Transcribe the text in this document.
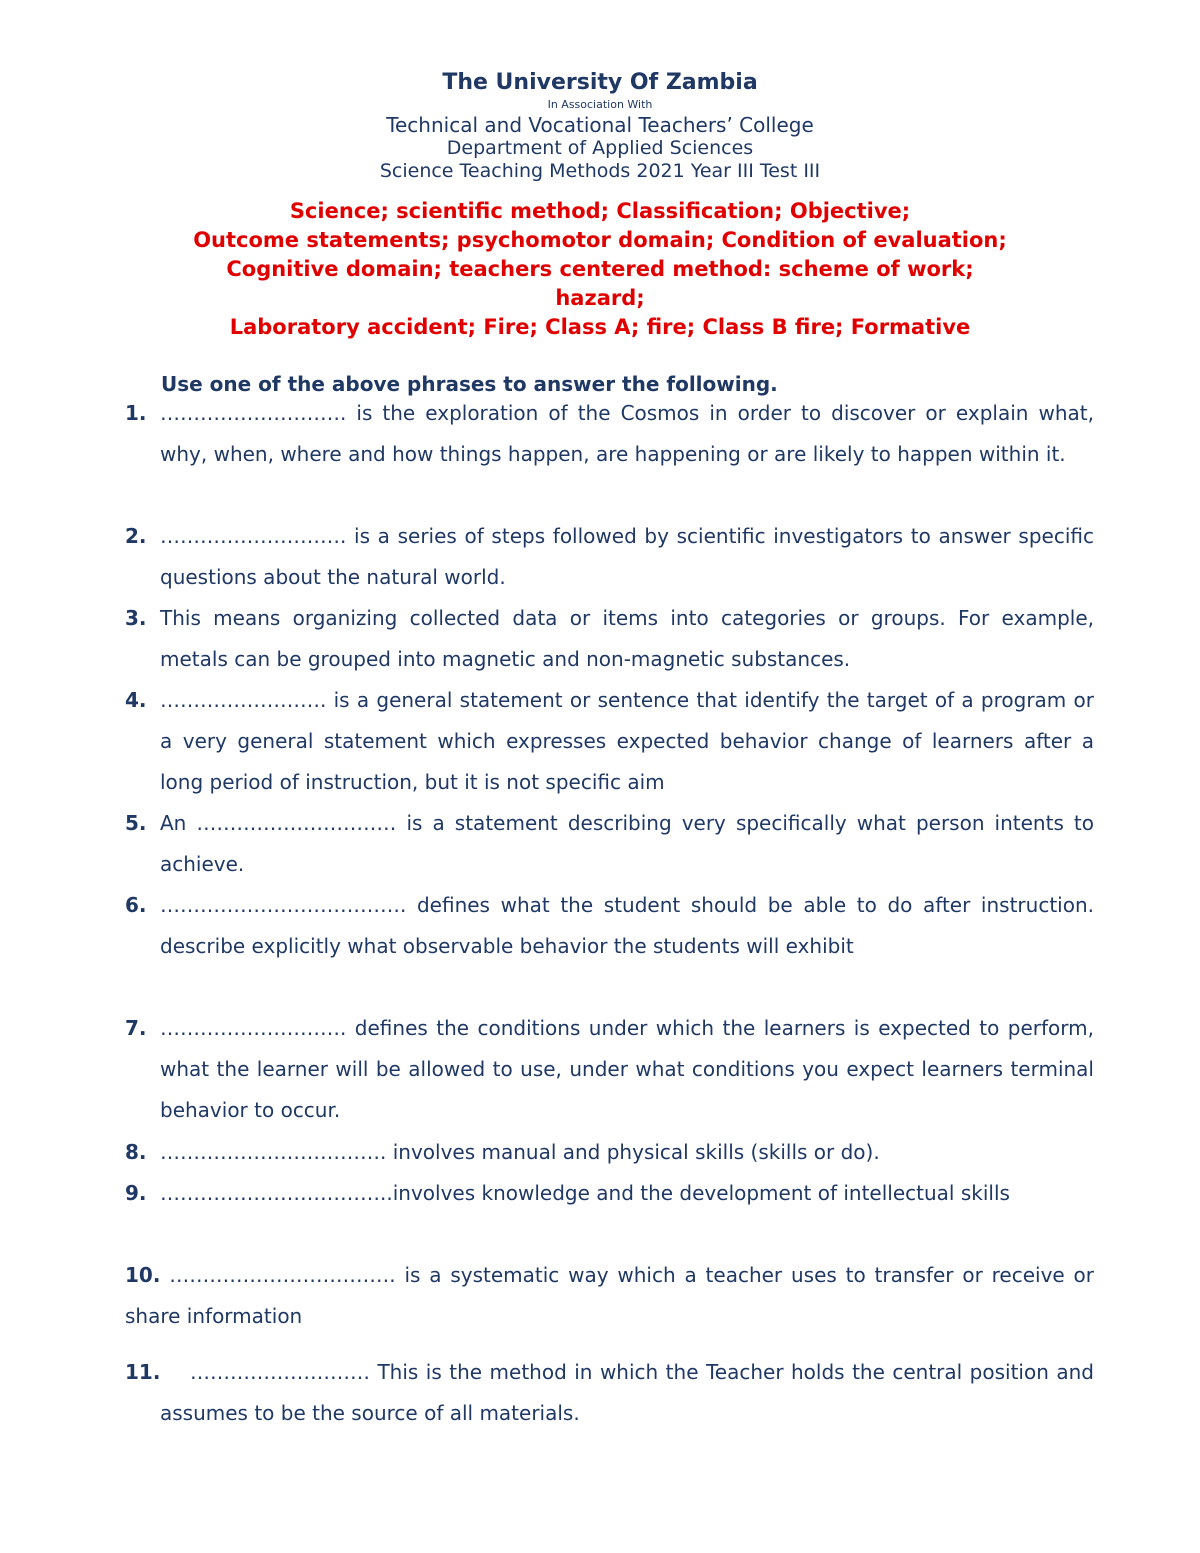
The University Of Zambia
In Association With
Technical and Vocational Teachers’ College
Department of Applied Sciences
Science Teaching Methods 2021 Year III Test III
Science; scientific method; Classification; Objective;
Outcome statements; psychomotor domain; Condition of evaluation;
Cognitive domain; teachers centered method: scheme of work;
hazard;
Laboratory accident; Fire; Class A; fire; Class B fire; Formative
Use one of the above phrases to answer the following.
1. ………………………. is the exploration of the Cosmos in order to discover or explain what, why, when, where and how things happen, are happening or are likely to happen within it.
2. ………………………. is a series of steps followed by scientific investigators to answer specific questions about the natural world.
3. This means organizing collected data or items into categories or groups. For example, metals can be grouped into magnetic and non-magnetic substances.
4. ……………………. is a general statement or sentence that identify the target of a program or a very general statement which expresses expected behavior change of learners after a long period of instruction, but it is not specific aim
5. An ………………………… is a statement describing very specifically what person intents to achieve.
6. ………………………………. defines what the student should be able to do after instruction. describe explicitly what observable behavior the students will exhibit
7. ………………………. defines the conditions under which the learners is expected to perform, what the learner will be allowed to use, under what conditions you expect learners terminal behavior to occur.
8. ……………………………. involves manual and physical skills (skills or do).
9. ……………………………..involves knowledge and the development of intellectual skills
10. ……………………………. is a systematic way which a teacher uses to transfer or receive or share information
11.	……………………… This is the method in which the Teacher holds the central position and assumes to be the source of all materials.
